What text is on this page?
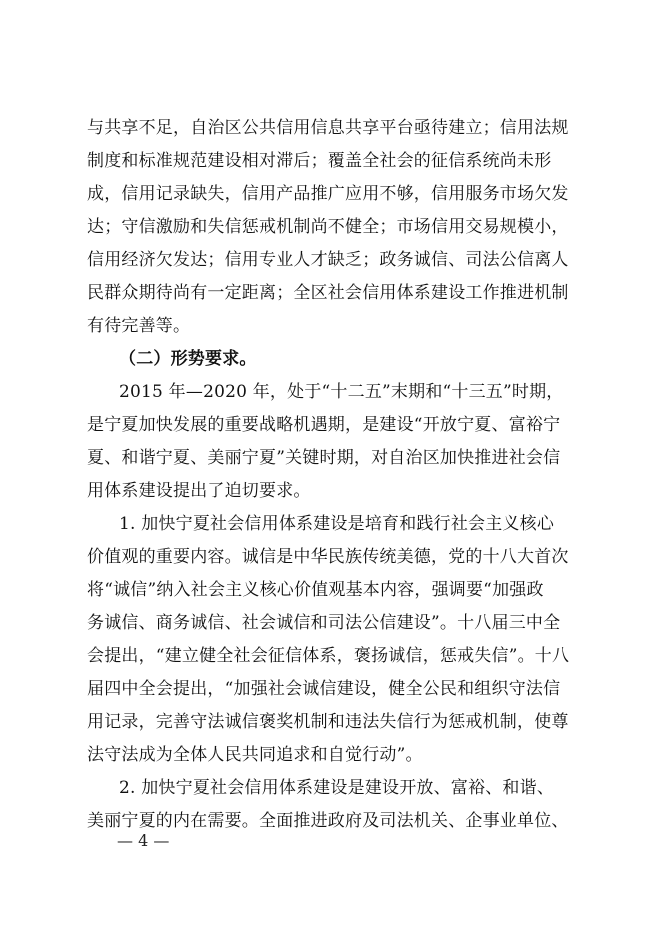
与共享不足，自治区公共信用信息共享平台亟待建立；信用法规
制度和标准规范建设相对滞后；覆盖全社会的征信系统尚未形
成，信用记录缺失，信用产品推广应用不够，信用服务市场欠发
达；守信激励和失信惩戒机制尚不健全；市场信用交易规模小，
信用经济欠发达；信用专业人才缺乏；政务诚信、司法公信离人
民群众期待尚有一定距离；全区社会信用体系建设工作推进机制
有待完善等。
（二）形势要求。
2015 年—2020 年，处于“十二五”末期和“十三五”时期，
是宁夏加快发展的重要战略机遇期，是建设“开放宁夏、富裕宁
夏、和谐宁夏、美丽宁夏”关键时期，对自治区加快推进社会信
用体系建设提出了迫切要求。
1. 加快宁夏社会信用体系建设是培育和践行社会主义核心
价值观的重要内容。诚信是中华民族传统美德，党的十八大首次
将“诚信”纳入社会主义核心价值观基本内容，强调要“加强政
务诚信、商务诚信、社会诚信和司法公信建设”。十八届三中全
会提出，“建立健全社会征信体系，褒扬诚信，惩戒失信”。十八
届四中全会提出，“加强社会诚信建设，健全公民和组织守法信
用记录，完善守法诚信褒奖机制和违法失信行为惩戒机制，使尊
法守法成为全体人民共同追求和自觉行动”。
2. 加快宁夏社会信用体系建设是建设开放、富裕、和谐、
美丽宁夏的内在需要。全面推进政府及司法机关、企事业单位、
— 4 —
